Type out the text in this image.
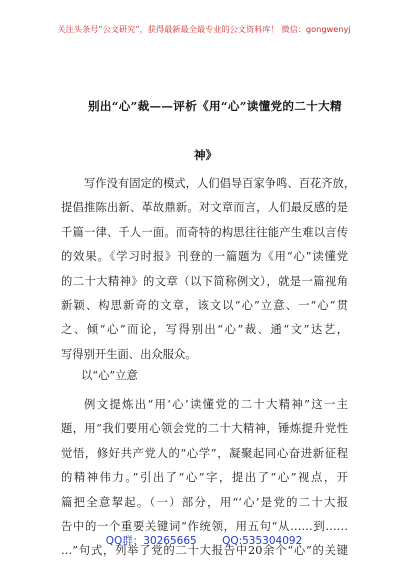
关注头条号“公文研究”，获得最新最全最专业的公文资料库！ 微信：gongwenyj
别出“心”裁——评析《用“心”读懂党的二十大精
神》
写作没有固定的模式，人们倡导百家争鸣、百花齐放，
提倡推陈出新、革故鼎新。对文章而言，人们最反感的是
千篇一律、千人一面。而奇特的构思往往能产生难以言传
的效果。《学习时报》刊登的一篇题为《用“心”读懂党
的二十大精神》的文章（以下简称例文），就是一篇视角
新颖、构思新奇的文章，该文以“心”立意、一“心”贯
之、倾“心”而论，写得别出“心”裁、通“文”达艺，
写得别开生面、出众服众。
以“心”立意
例文提炼出“用‘心’读懂党的二十大精神”这一主
题，用“我们要用心领会党的二十大精神，锤炼提升党性
觉悟，修好共产党人的“心学”，凝聚起同心奋进新征程
的精神伟力。”引出了“心”字，提出了“心”视点，开
篇把全意挈起。（一）部分，用“‘心’是党的二十大报
告中的一个重要关键词”作统领，用五句“从……到……
…”句式，列举了党的二十大报告中20余个“心”的关键
QQ群：30265665 QQ:535304092
